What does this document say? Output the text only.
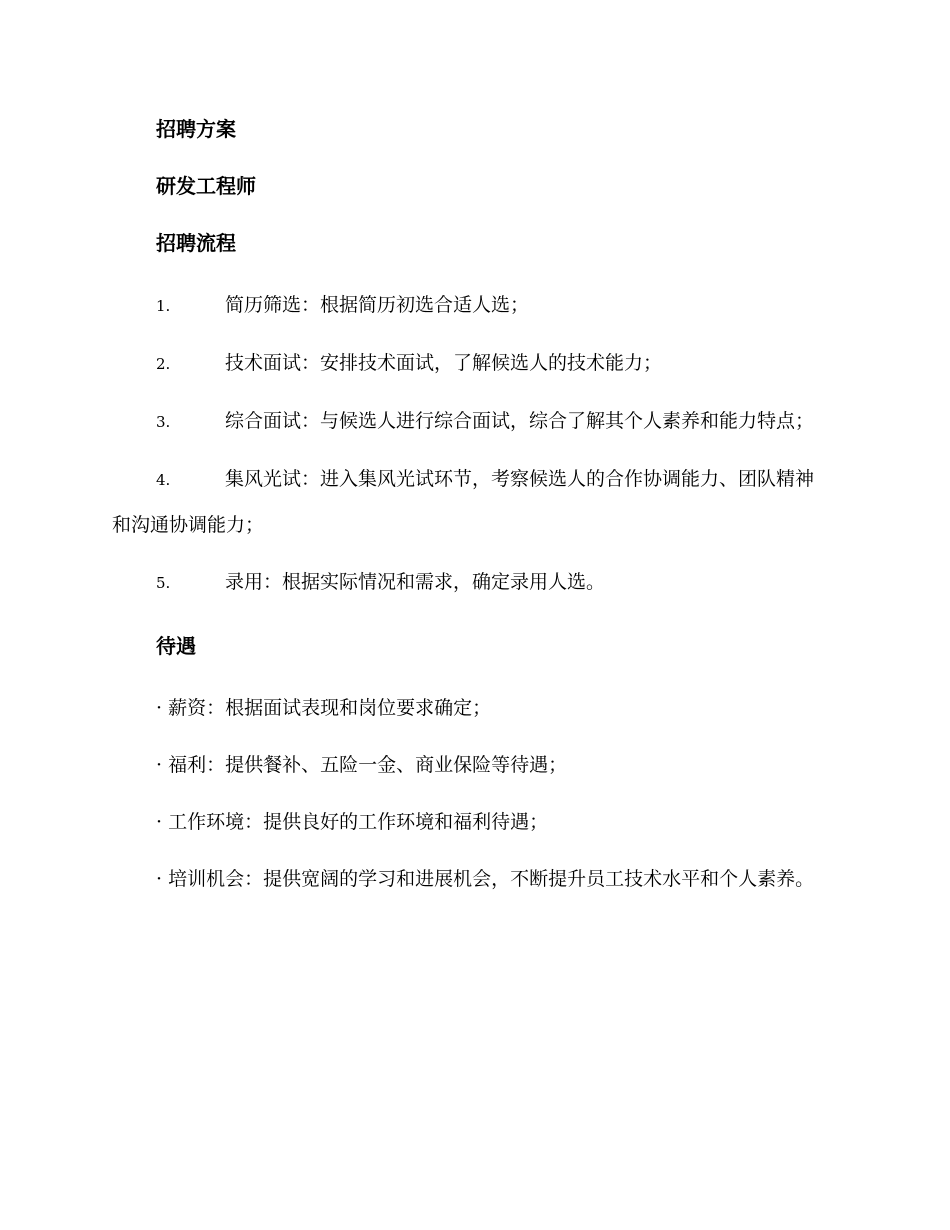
招聘方案
研发工程师
招聘流程
1.	简历筛选：根据简历初选合适人选；
2.	技术面试：安排技术面试，了解候选人的技术能力；
3.	综合面试：与候选人进行综合面试，综合了解其个人素养和能力特点；
4.	集风光试：进入集风光试环节，考察候选人的合作协调能力、团队精神和沟通协调能力；
5.	录用：根据实际情况和需求，确定录用人选。
待遇
· 薪资：根据面试表现和岗位要求确定；
· 福利：提供餐补、五险一金、商业保险等待遇；
· 工作环境：提供良好的工作环境和福利待遇；
· 培训机会：提供宽阔的学习和进展机会，不断提升员工技术水平和个人素养。
